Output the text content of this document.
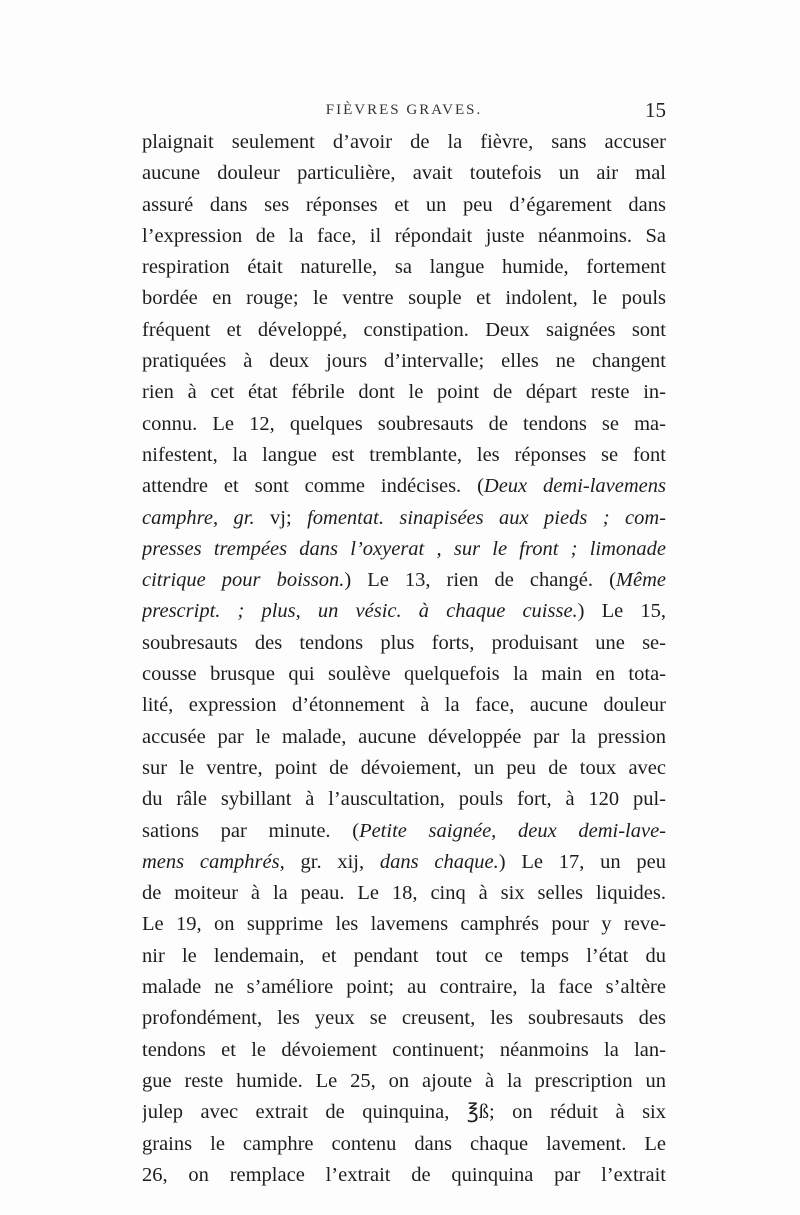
FIÈVRES GRAVES.	15
plaignait seulement d’avoir de la fièvre, sans accuser
aucune douleur particulière, avait toutefois un air mal
assuré dans ses réponses et un peu d’égarement dans
l’expression de la face, il répondait juste néanmoins. Sa
respiration était naturelle, sa langue humide, fortement
bordée en rouge; le ventre souple et indolent, le pouls
fréquent et développé, constipation. Deux saignées sont
pratiquées à deux jours d’intervalle; elles ne changent
rien à cet état fébrile dont le point de départ reste in-
connu. Le 12, quelques soubresauts de tendons se ma-
nifestent, la langue est tremblante, les réponses se font
attendre et sont comme indécises. (Deux demi-lavemens
camphre, gr. vj; fomentat. sinapisées aux pieds ; com-
presses trempées dans l’oxyerat , sur le front ; limonade
citrique pour boisson.) Le 13, rien de changé. (Même
prescript. ; plus, un vésic. à chaque cuisse.) Le 15,
soubresauts des tendons plus forts, produisant une se-
cousse brusque qui soulève quelquefois la main en tota-
lité, expression d’étonnement à la face, aucune douleur
accusée par le malade, aucune développée par la pression
sur le ventre, point de dévoiement, un peu de toux avec
du râle sybillant à l’auscultation, pouls fort, à 120 pul-
sations par minute. (Petite saignée, deux demi-lave-
mens camphrés, gr. xij, dans chaque.) Le 17, un peu
de moiteur à la peau. Le 18, cinq à six selles liquides.
Le 19, on supprime les lavemens camphrés pour y reve-
nir le lendemain, et pendant tout ce temps l’état du
malade ne s’améliore point; au contraire, la face s’altère
profondément, les yeux se creusent, les soubresauts des
tendons et le dévoiement continuent; néanmoins la lan-
gue reste humide. Le 25, on ajoute à la prescription un
julep avec extrait de quinquina, ℥ß; on réduit à six
grains le camphre contenu dans chaque lavement. Le
26, on remplace l’extrait de quinquina par l’extrait
